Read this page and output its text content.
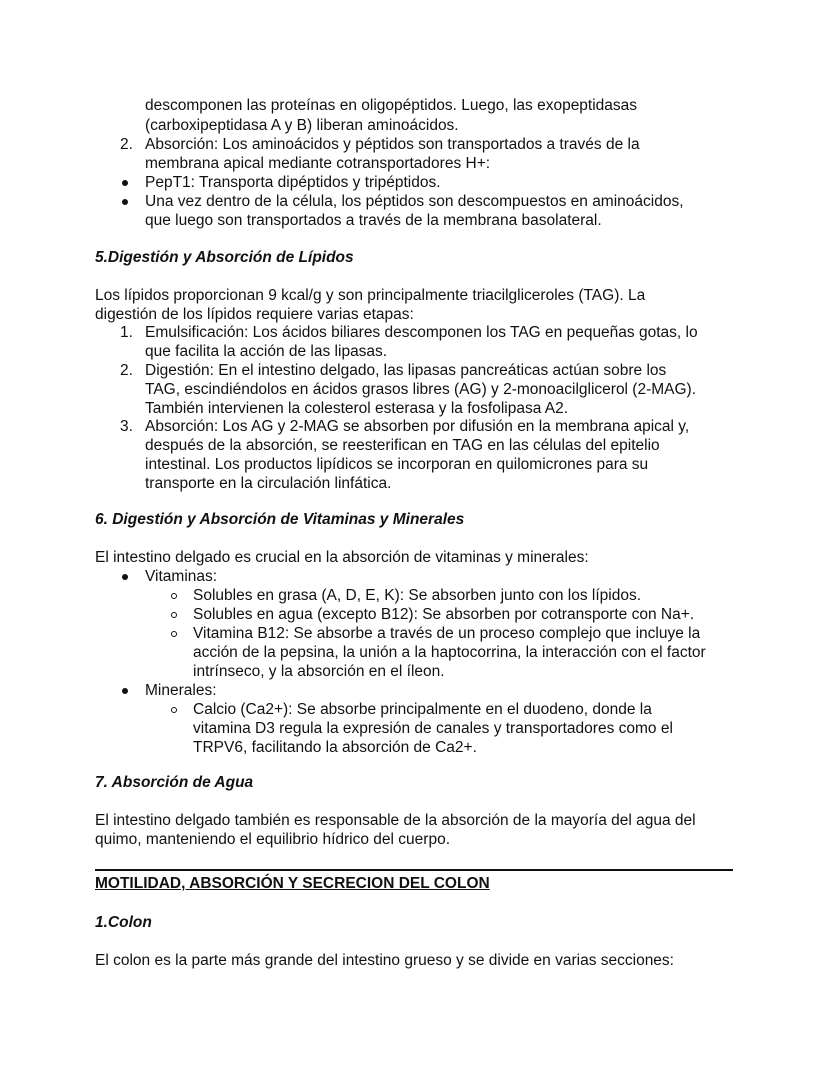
descomponen las proteínas en oligopéptidos. Luego, las exopeptidasas
(carboxipeptidasa A y B) liberan aminoácidos.
2. Absorción: Los aminoácidos y péptidos son transportados a través de la
membrana apical mediante cotransportadores H+:
PepT1: Transporta dipéptidos y tripéptidos.
Una vez dentro de la célula, los péptidos son descompuestos en aminoácidos,
que luego son transportados a través de la membrana basolateral.
5.Digestión y Absorción de Lípidos
Los lípidos proporcionan 9 kcal/g y son principalmente triacilgliceroles (TAG). La
digestión de los lípidos requiere varias etapas:
1. Emulsificación: Los ácidos biliares descomponen los TAG en pequeñas gotas, lo
que facilita la acción de las lipasas.
2. Digestión: En el intestino delgado, las lipasas pancreáticas actúan sobre los
TAG, escindiéndolos en ácidos grasos libres (AG) y 2-monoacilglicerol (2-MAG).
También intervienen la colesterol esterasa y la fosfolipasa A2.
3. Absorción: Los AG y 2-MAG se absorben por difusión en la membrana apical y,
después de la absorción, se reesterifican en TAG en las células del epitelio
intestinal. Los productos lipídicos se incorporan en quilomicrones para su
transporte en la circulación linfática.
6. Digestión y Absorción de Vitaminas y Minerales
El intestino delgado es crucial en la absorción de vitaminas y minerales:
Vitaminas:
Solubles en grasa (A, D, E, K): Se absorben junto con los lípidos.
Solubles en agua (excepto B12): Se absorben por cotransporte con Na+.
Vitamina B12: Se absorbe a través de un proceso complejo que incluye la
acción de la pepsina, la unión a la haptocorrina, la interacción con el factor
intrínseco, y la absorción en el íleon.
Minerales:
Calcio (Ca2+): Se absorbe principalmente en el duodeno, donde la
vitamina D3 regula la expresión de canales y transportadores como el
TRPV6, facilitando la absorción de Ca2+.
7. Absorción de Agua
El intestino delgado también es responsable de la absorción de la mayoría del agua del
quimo, manteniendo el equilibrio hídrico del cuerpo.
MOTILIDAD, ABSORCIÓN Y SECRECION DEL COLON
1.Colon
El colon es la parte más grande del intestino grueso y se divide en varias secciones:
